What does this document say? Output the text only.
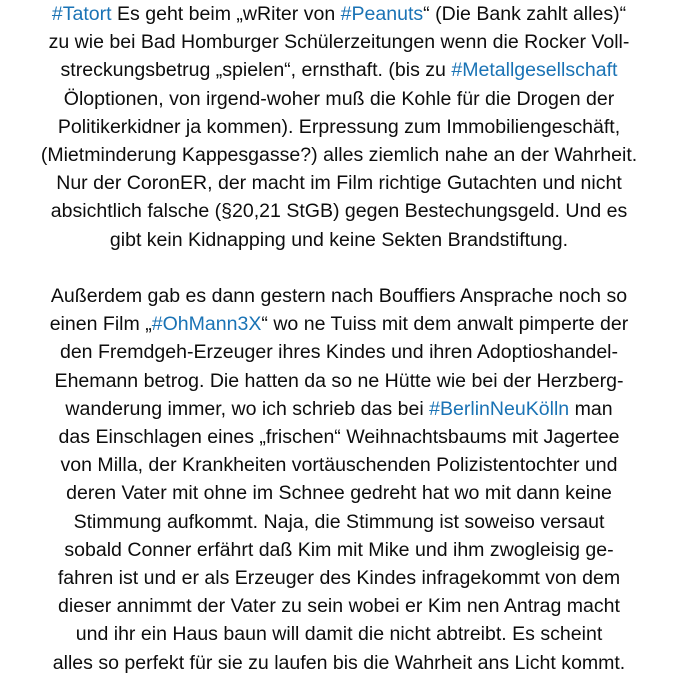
#Tatort Es geht beim „wRiter von #Peanuts“ (Die Bank zahlt alles)“
zu wie bei Bad Homburger Schülerzeitungen wenn die Rocker Voll-
streckungsbetrug „spielen“, ernsthaft. (bis zu #Metallgesellschaft
Öloptionen, von irgend-woher muß die Kohle für die Drogen der
Politikerkidner ja kommen). Erpressung zum Immobiliengeschäft,
(Mietminderung Kappesgasse?) alles ziemlich nahe an der Wahrheit.
Nur der CoronER, der macht im Film richtige Gutachten und nicht
absichtlich falsche (§20,21 StGB) gegen Bestechungsgeld. Und es
gibt kein Kidnapping und keine Sekten Brandstiftung.
Außerdem gab es dann gestern nach Bouffiers Ansprache noch so
einen Film „#OhMann3X“ wo ne Tuiss mit dem anwalt pimperte der
den Fremdgeh-Erzeuger ihres Kindes und ihren Adoptioshandel-
Ehemann betrog. Die hatten da so ne Hütte wie bei der Herzberg-
wanderung immer, wo ich schrieb das bei #BerlinNeuKölln man
das Einschlagen eines „frischen“ Weihnachtsbaums mit Jagertee
von Milla, der Krankheiten vortäuschenden Polizistentochter und
deren Vater mit ohne im Schnee gedreht hat wo mit dann keine
Stimmung aufkommt. Naja, die Stimmung ist soweiso versaut
sobald Conner erfährt daß Kim mit Mike und ihm zwogleisig ge-
fahren ist und er als Erzeuger des Kindes infragekommt von dem
dieser annimmt der Vater zu sein wobei er Kim nen Antrag macht
und ihr ein Haus baun will damit die nicht abtreibt. Es scheint
alles so perfekt für sie zu laufen bis die Wahrheit ans Licht kommt.
